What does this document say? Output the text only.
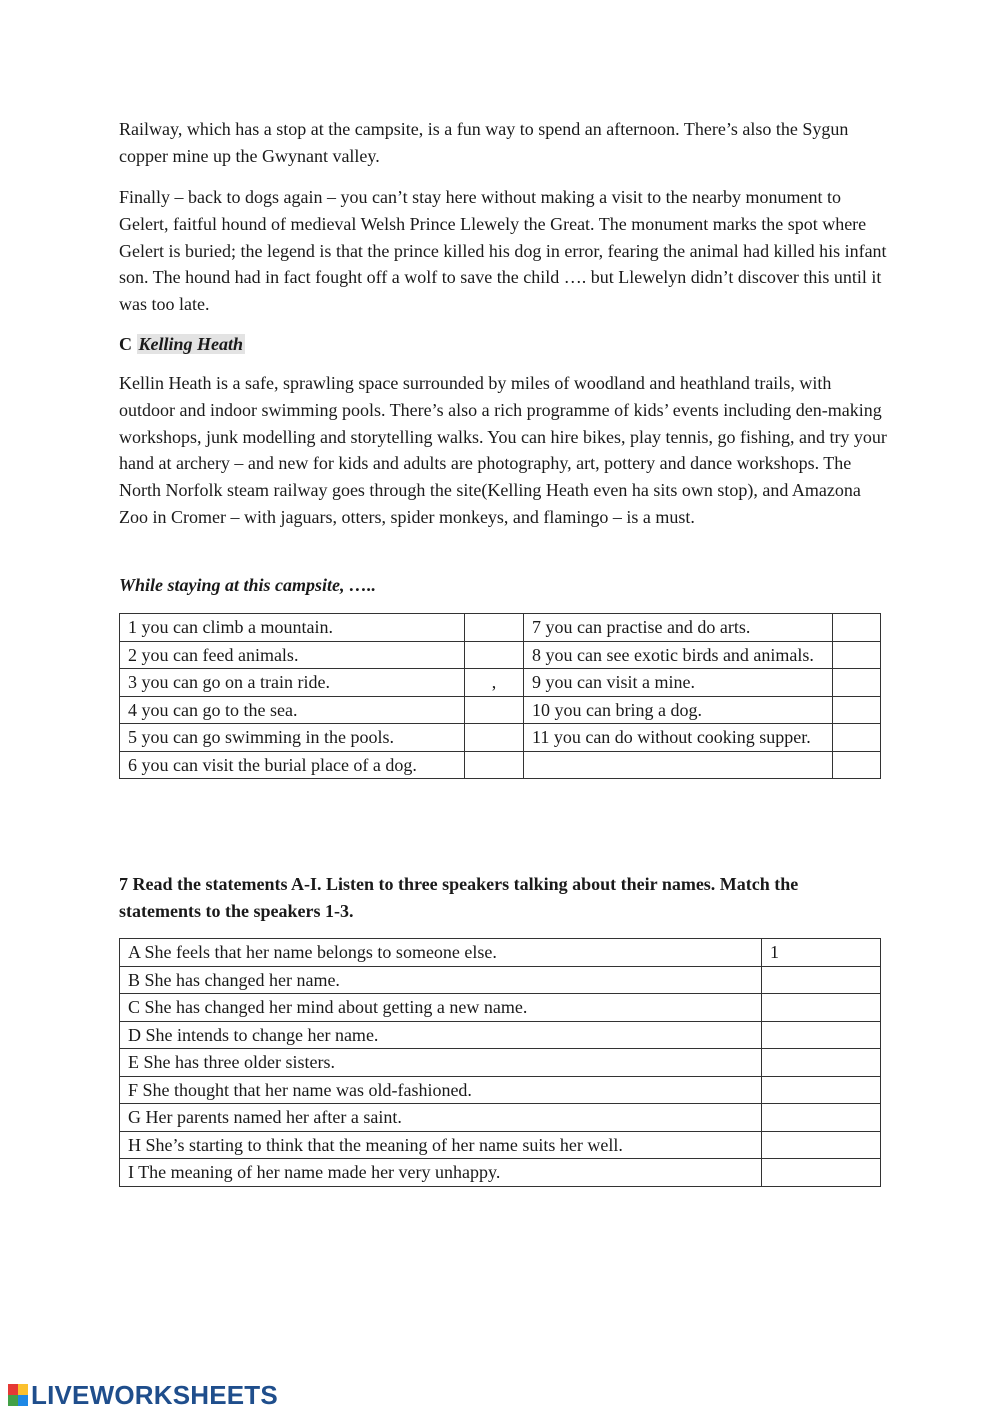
Railway, which has a stop at the campsite, is a fun way to spend an afternoon. There’s also the Sygun copper mine up the Gwynant valley.

Finally – back to dogs again – you can’t stay here without making a visit to the nearby monument to Gelert, faitful hound of medieval Welsh Prince Llewely the Great. The monument marks the spot where Gelert is buried; the legend is that the prince killed his dog in error, fearing the animal had killed his infant son. The hound had in fact fought off a wolf to save the child …. but Llewelyn didn’t discover this until it was too late.

C Kelling Heath

Kellin Heath is a safe, sprawling space surrounded by miles of woodland and heathland trails, with outdoor and indoor swimming pools. There’s also a rich programme of kids’ events including den-making workshops, junk modelling and storytelling walks. You can hire bikes, play tennis, go fishing, and try your hand at archery – and new for kids and adults are photography, art, pottery and dance workshops. The North Norfolk steam railway goes through the site(Kelling Heath even ha sits own stop), and Amazona Zoo in Cromer – with jaguars, otters, spider monkeys, and flamingo – is a must.

While staying at this campsite, …..
1 you can climb a mountain.		7 you can practise and do arts.	
2 you can feed animals.		8 you can see exotic birds and animals.	
3 you can go on a train ride.	,	9 you can visit a mine.	
4 you can go to the sea.		10 you can bring a dog.	
5 you can go swimming in the pools.		11 you can do without cooking supper.	
6 you can visit the burial place of a dog.			
7 Read the statements A-I. Listen to three speakers talking about their names. Match the statements to the speakers 1-3.
A She feels that her name belongs to someone else.	1
B She has changed her name.	
C She has changed her mind about getting a new name.	
D She intends to change her name.	
E She has three older sisters.	
F She thought that her name was old-fashioned.	
G Her parents named her after a saint.	
H She’s starting to think that the meaning of her name suits her well.	
I The meaning of her name made her very unhappy.	
LIVEWORKSHEETS
